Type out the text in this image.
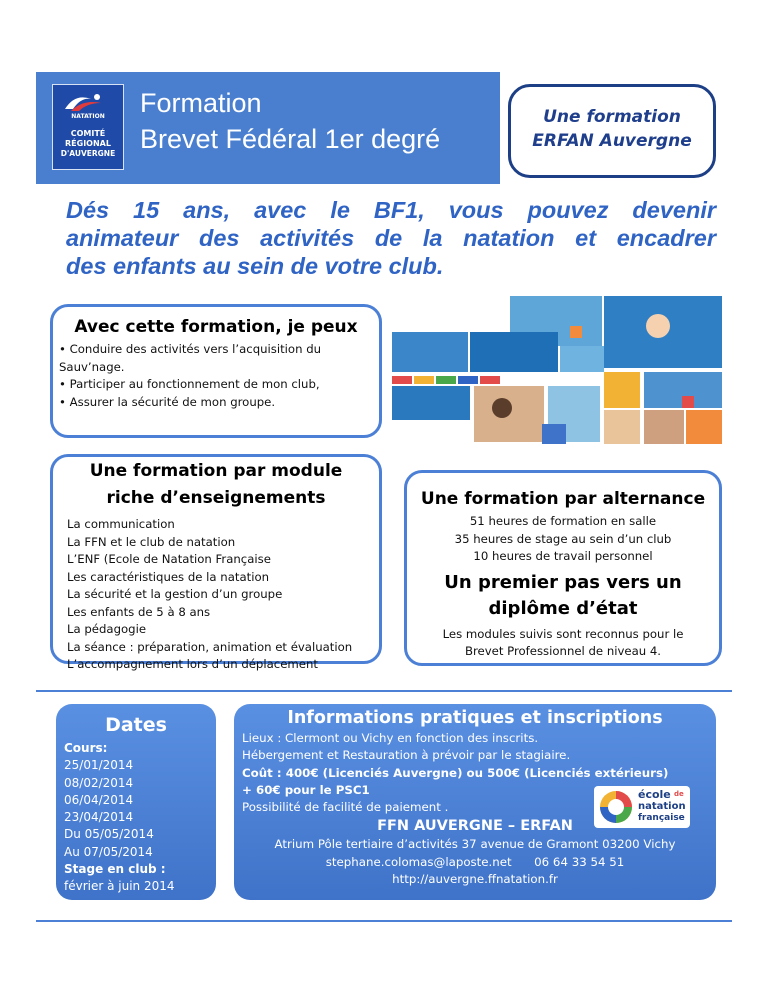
NATATION
COMITÉ
RÉGIONAL
D'AUVERGNE
Formation
Brevet Fédéral 1er degré
Une formation
ERFAN Auvergne
Dés 15 ans, avec le BF1, vous pouvez devenir
animateur des activités de la natation et encadrer
des enfants au sein de votre club.
Avec cette formation, je peux
• Conduire des activités vers l’acquisition du
Sauv’nage.
• Participer au fonctionnement de mon club,
• Assurer la sécurité de mon groupe.
Une formation par module
riche d’enseignements
La communication
La FFN et le club de natation
L’ENF (Ecole de Natation Française
Les caractéristiques de la natation
La sécurité et la gestion d’un groupe
Les enfants de 5 à 8 ans
La pédagogie
La séance : préparation, animation et évaluation
L’accompagnement lors d’un déplacement
Une formation par alternance
51 heures de formation en salle
35 heures de stage au sein d’un club
10 heures de travail personnel
Un premier pas vers un
diplôme d’état
Les modules suivis sont reconnus pour le
Brevet Professionnel de niveau 4.
Dates
Cours:
25/01/2014
08/02/2014
06/04/2014
23/04/2014
Du 05/05/2014
Au 07/05/2014
Stage en club :
février à juin 2014
Informations pratiques et inscriptions
Lieux : Clermont ou Vichy en fonction des inscrits.
Hébergement et Restauration à prévoir par le stagiaire.
Coût : 400€ (Licenciés Auvergne) ou 500€ (Licenciés extérieurs)
+ 60€ pour le PSC1
Possibilité de facilité de paiement .
FFN AUVERGNE – ERFAN
Atrium Pôle tertiaire d’activités 37 avenue de Gramont 03200 Vichy
stephane.colomas@laposte.net      06 64 33 54 51
http://auvergne.ffnatation.fr
école de
natation
française
